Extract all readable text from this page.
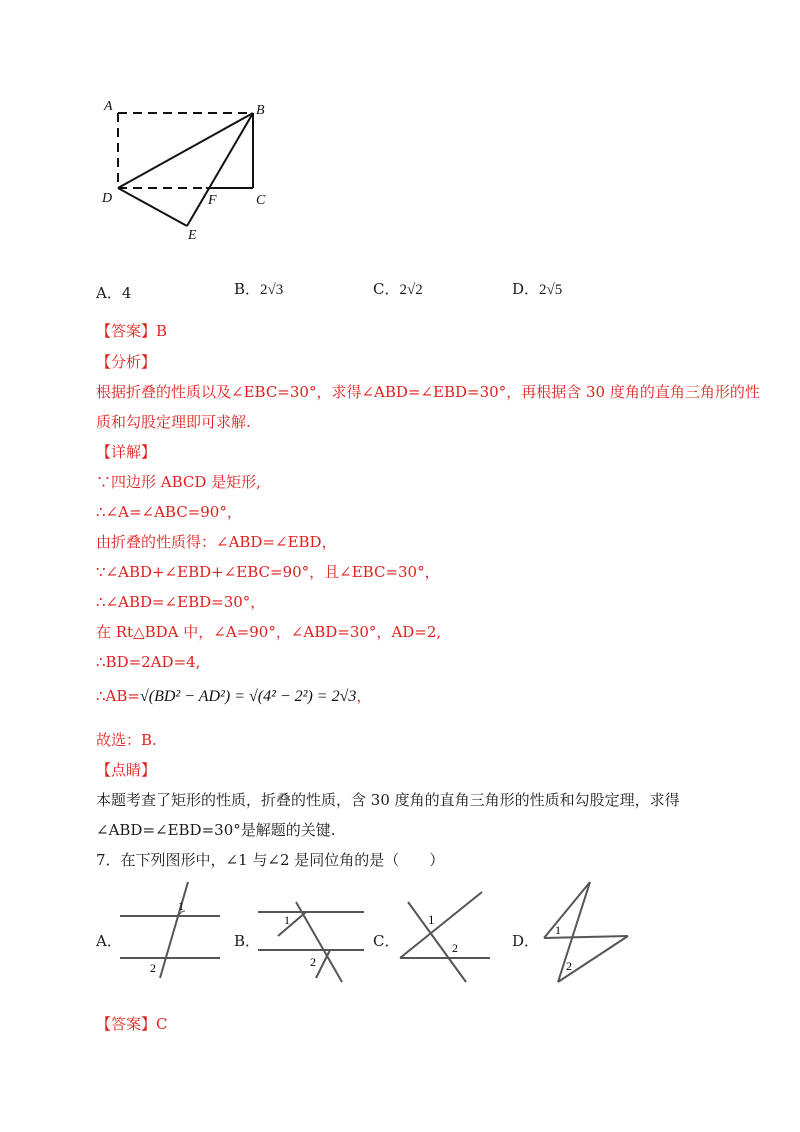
A	B
C
D
E
F
A．4	B．2√3	C．2√2	D．2√5
【答案】B
【分析】
根据折叠的性质以及∠EBC=30°，求得∠ABD=∠EBD=30°，再根据含 30 度角的直角三角形的性
质和勾股定理即可求解.
【详解】
∵四边形 ABCD 是矩形,
∴∠A=∠ABC=90°，
由折叠的性质得：∠ABD=∠EBD，
∵∠ABD+∠EBD+∠EBC=90°，且∠EBC=30°，
∴∠ABD=∠EBD=30°，
在 Rt△BDA 中，∠A=90°，∠ABD=30°，AD=2,
∴BD=2AD=4,
∴AB=√(BD² − AD²) = √(4² − 2²) = 2√3，
故选：B.
【点睛】
本题考查了矩形的性质，折叠的性质，含 30 度角的直角三角形的性质和勾股定理，求得
∠ABD=∠EBD=30°是解题的关键.
7．在下列图形中，∠1 与∠2 是同位角的是（　　）
A．
1
2
B．
1
2
C．
1
2	D．
1
2
【答案】C
